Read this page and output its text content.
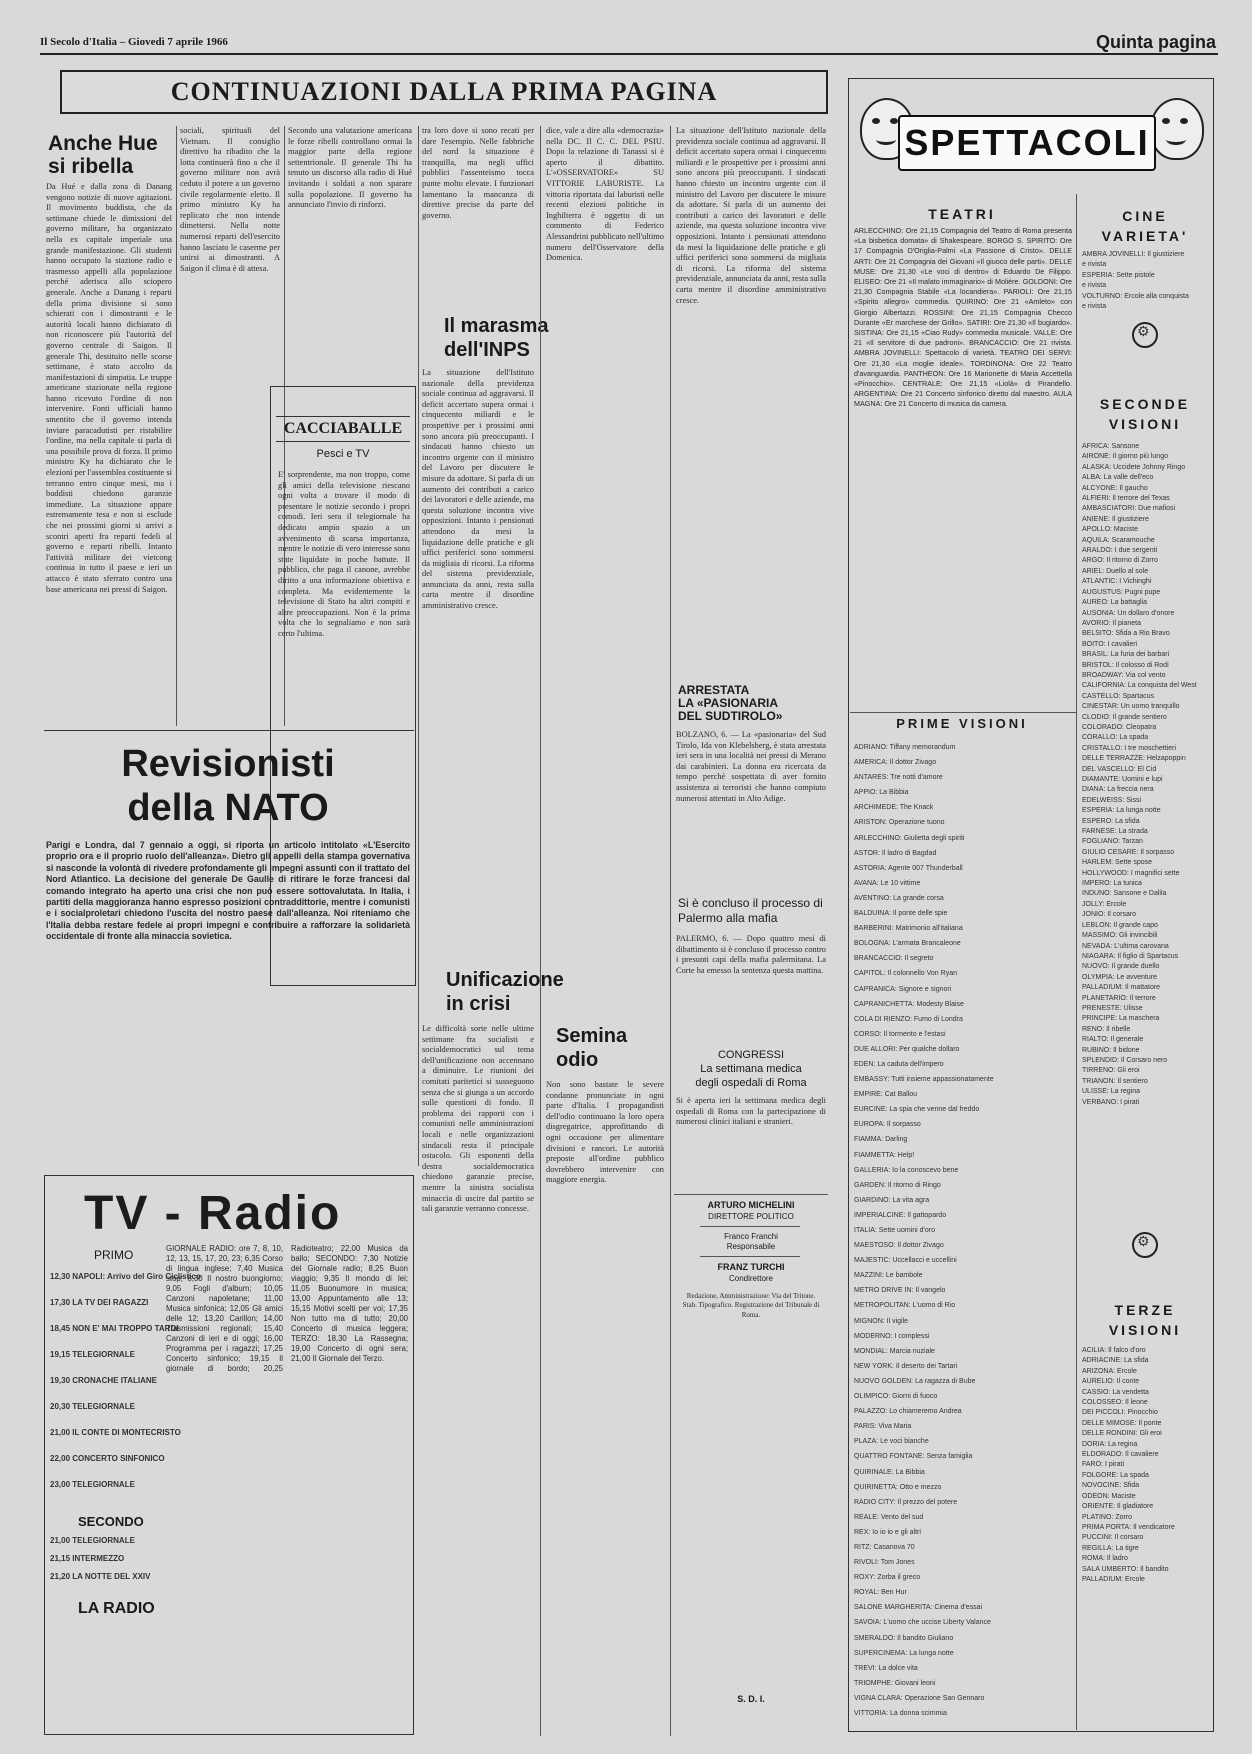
Il Secolo d'Italia – Giovedì 7 aprile 1966	Quinta pagina
CONTINUAZIONI DALLA PRIMA PAGINA
Anche Hue
si ribella
Da Hué e dalla zona di Danang vengono notizie di nuove agitazioni. Il movimento buddista, che da settimane chiede le dimissioni del governo militare, ha organizzato nella ex capitale imperiale una grande manifestazione. Gli studenti hanno occupato la stazione radio e trasmesso appelli alla popolazione perché aderisca allo sciopero generale. Anche a Danang i reparti della prima divisione si sono schierati con i dimostranti e le autorità locali hanno dichiarato di non riconoscere più l'autorità del governo centrale di Saigon. Il generale Thi, destituito nelle scorse settimane, è stato accolto da manifestazioni di simpatia. Le truppe americane stazionate nella regione hanno ricevuto l'ordine di non intervenire. Fonti ufficiali hanno smentito che il governo intenda inviare paracadutisti per ristabilire l'ordine, ma nella capitale si parla di una possibile prova di forza. Il primo ministro Ky ha dichiarato che le elezioni per l'assemblea costituente si terranno entro cinque mesi, ma i buddisti chiedono garanzie immediate. La situazione appare estremamente tesa e non si esclude che nei prossimi giorni si arrivi a scontri aperti fra reparti fedeli al governo e reparti ribelli. Intanto l'attività militare dei vietcong continua in tutto il paese e ieri un attacco è stato sferrato contro una base americana nei pressi di Saigon.
sociali, spirituali del Vietnam. Il consiglio direttivo ha ribadito che la lotta continuerà fino a che il governo militare non avrà ceduto il potere a un governo civile regolarmente eletto. Il primo ministro Ky ha replicato che non intende dimettersi. Nella notte numerosi reparti dell'esercito hanno lasciato le caserme per unirsi ai dimostranti. A Saigon il clima è di attesa.
Secondo una valutazione americana le forze ribelli controllano ormai la maggior parte della regione settentrionale. Il generale Thi ha tenuto un discorso alla radio di Hué invitando i soldati a non sparare sulla popolazione. Il governo ha annunciato l'invio di rinforzi.
CACCIABALLE
Pesci e TV
E' sorprendente, ma non troppo, come gli amici della televisione riescano ogni volta a trovare il modo di presentare le notizie secondo i propri comodi. Ieri sera il telegiornale ha dedicato ampio spazio a un avvenimento di scarsa importanza, mentre le notizie di vero interesse sono state liquidate in poche battute. Il pubblico, che paga il canone, avrebbe diritto a una informazione obiettiva e completa. Ma evidentemente la televisione di Stato ha altri compiti e altre preoccupazioni. Non è la prima volta che lo segnaliamo e non sarà certo l'ultima.
tra loro dove si sono recati per dare l'esempio. Nelle fabbriche del nord la situazione è tranquilla, ma negli uffici pubblici l'assenteismo tocca punte molto elevate. I funzionari lamentano la mancanza di direttive precise da parte del governo.
Il marasma
dell'INPS
La situazione dell'Istituto nazionale della previdenza sociale continua ad aggravarsi. Il deficit accertato supera ormai i cinquecento miliardi e le prospettive per i prossimi anni sono ancora più preoccupanti. I sindacati hanno chiesto un incontro urgente con il ministro del Lavoro per discutere le misure da adottare. Si parla di un aumento dei contributi a carico dei lavoratori e delle aziende, ma questa soluzione incontra vive opposizioni. Intanto i pensionati attendono da mesi la liquidazione delle pratiche e gli uffici periferici sono sommersi da migliaia di ricorsi. La riforma del sistema previdenziale, annunciata da anni, resta sulla carta mentre il disordine amministrativo cresce.
Unificazione
in crisi
Le difficoltà sorte nelle ultime settimane fra socialisti e socialdemocratici sul tema dell'unificazione non accennano a diminuire. Le riunioni dei comitati paritetici si susseguono senza che si giunga a un accordo sulle questioni di fondo. Il problema dei rapporti con i comunisti nelle amministrazioni locali e nelle organizzazioni sindacali resta il principale ostacolo. Gli esponenti della destra socialdemocratica chiedono garanzie precise, mentre la sinistra socialista minaccia di uscire dal partito se tali garanzie verranno concesse.
dice, vale a dire alla «democrazia» nella DC. Il C. C. DEL PSIU. Dopo la relazione di Tanassi si è aperto il dibattito. L'«OSSERVATORE» SU VITTORIE LABURISTE. La vittoria riportata dai laburisti nelle recenti elezioni politiche in Inghilterra è oggetto di un commento di Federico Alessandrini pubblicato nell'ultimo numero dell'Osservatore della Domenica.
Semina
odio
Non sono bastate le severe condanne pronunciate in ogni parte d'Italia. I propagandisti dell'odio continuano la loro opera disgregatrice, approfittando di ogni occasione per alimentare divisioni e rancori. Le autorità preposte all'ordine pubblico dovrebbero intervenire con maggiore energia.
La situazione dell'Istituto nazionale della previdenza sociale continua ad aggravarsi. Il deficit accertato supera ormai i cinquecento miliardi e le prospettive per i prossimi anni sono ancora più preoccupanti. I sindacati hanno chiesto un incontro urgente con il ministro del Lavoro per discutere le misure da adottare. Si parla di un aumento dei contributi a carico dei lavoratori e delle aziende, ma questa soluzione incontra vive opposizioni. Intanto i pensionati attendono da mesi la liquidazione delle pratiche e gli uffici periferici sono sommersi da migliaia di ricorsi. La riforma del sistema previdenziale, annunciata da anni, resta sulla carta mentre il disordine amministrativo cresce.
ARRESTATA
LA «PASIONARIA
DEL SUDTIROLO»
BOLZANO, 6. — La «pasionaria» del Sud Tirolo, Ida von Klebelsberg, è stata arrestata ieri sera in una località nei pressi di Merano dai carabinieri. La donna era ricercata da tempo perché sospettata di aver fornito assistenza ai terroristi che hanno compiuto numerosi attentati in Alto Adige.
Si è concluso il processo di Palermo alla mafia
PALERMO, 6. — Dopo quattro mesi di dibattimento si è concluso il processo contro i presunti capi della mafia palermitana. La Corte ha emesso la sentenza questa mattina.
CONGRESSI
La settimana medica
degli ospedali di Roma
Si è aperta ieri la settimana medica degli ospedali di Roma con la partecipazione di numerosi clinici italiani e stranieri.
ARTURO MICHELINI
DIRETTORE POLITICO
Franco Franchi
Responsabile
FRANZ TURCHI
Condirettore
Redazione, Amministrazione: Via del Tritone. Stab. Tipografico. Registrazione del Tribunale di Roma.
S. D. I.
Revisionisti
della NATO
Parigi e Londra, dal 7 gennaio a oggi, si riporta un articolo intitolato «L'Esercito proprio ora e il proprio ruolo dell'alleanza». Dietro gli appelli della stampa governativa si nasconde la volontà di rivedere profondamente gli impegni assunti con il trattato del Nord Atlantico. La decisione del generale De Gaulle di ritirare le forze francesi dal comando integrato ha aperto una crisi che non può essere sottovalutata. In Italia, i partiti della maggioranza hanno espresso posizioni contraddittorie, mentre i comunisti e i socialproletari chiedono l'uscita del nostro paese dall'alleanza. Noi riteniamo che l'Italia debba restare fedele ai propri impegni e contribuire a rafforzare la solidarietà occidentale di fronte alla minaccia sovietica.
TV - Radio
PRIMO
12,30 NAPOLI: Arrivo del Giro Ciclistico
17,30 LA TV DEI RAGAZZI
18,45 NON E' MAI TROPPO TARDI
19,15 TELEGIORNALE
19,30 CRONACHE ITALIANE
20,30 TELEGIORNALE
21,00 IL CONTE DI MONTECRISTO
22,00 CONCERTO SINFONICO
23,00 TELEGIORNALE
SECONDO
21,00 TELEGIORNALE
21,15 INTERMEZZO
21,20 LA NOTTE DEL XXIV
LA RADIO
GIORNALE RADIO: ore 7, 8, 10, 12, 13, 15, 17, 20, 23; 6,35 Corso di lingua inglese; 7,40 Musica stop; 8,30 Il nostro buongiorno; 9,05 Fogli d'album; 10,05 Canzoni napoletane; 11,00 Musica sinfonica; 12,05 Gli amici delle 12; 13,20 Carillon; 14,00 Trasmissioni regionali; 15,40 Canzoni di ieri e di oggi; 16,00 Programma per i ragazzi; 17,25 Concerto sinfonico; 19,15 Il giornale di bordo; 20,25 Radioteatro; 22,00 Musica da ballo; SECONDO: 7,30 Notizie del Giornale radio; 8,25 Buon viaggio; 9,35 Il mondo di lei; 11,05 Buonumore in musica; 13,00 Appuntamento alle 13; 15,15 Motivi scelti per voi; 17,35 Non tutto ma di tutto; 20,00 Concerto di musica leggera; TERZO: 18,30 La Rassegna; 19,00 Concerto di ogni sera; 21,00 Il Giornale del Terzo.
SPETTACOLI
TEATRI
ARLECCHINO: Ore 21,15 Compagnia del Teatro di Roma presenta «La bisbetica domata» di Shakespeare. BORGO S. SPIRITO: Ore 17 Compagnia D'Origlia-Palmi «La Passione di Cristo». DELLE ARTI: Ore 21 Compagnia dei Giovani «Il giuoco delle parti». DELLE MUSE: Ore 21,30 «Le voci di dentro» di Eduardo De Filippo. ELISEO: Ore 21 «Il malato immaginario» di Molière. GOLDONI: Ore 21,30 Compagnia Stabile «La locandiera». PARIOLI: Ore 21,15 «Spirito allegro» commedia. QUIRINO: Ore 21 «Amleto» con Giorgio Albertazzi. ROSSINI: Ore 21,15 Compagnia Checco Durante «Er marchese der Grillo». SATIRI: Ore 21,30 «Il bugiardo». SISTINA: Ore 21,15 «Ciao Rudy» commedia musicale. VALLE: Ore 21 «Il servitore di due padroni». BRANCACCIO: Ore 21 rivista. AMBRA JOVINELLI: Spettacolo di varietà. TEATRO DEI SERVI: Ore 21,30 «La moglie ideale». TORDINONA: Ore 22 Teatro d'avanguardia. PANTHEON: Ore 16 Marionette di Maria Accettella «Pinocchio». CENTRALE: Ore 21,15 «Liolà» di Pirandello. ARGENTINA: Ore 21 Concerto sinfonico diretto dal maestro. AULA MAGNA: Ore 21 Concerto di musica da camera.
CINE
VARIETA'
AMBRA JOVINELLI: Il giustiziere
e rivista
ESPERIA: Sette pistole
e rivista
VOLTURNO: Ercole alla conquista
e rivista
⚙
SECONDE
VISIONI
AFRICA: Sansone
AIRONE: Il giorno più lungo
ALASKA: Uccidete Johnny Ringo
ALBA: La valle dell'eco
ALCYONE: Il gaucho
ALFIERI: Il terrore del Texas
AMBASCIATORI: Due mafiosi
ANIENE: Il giustiziere
APOLLO: Maciste
AQUILA: Scaramouche
ARALDO: I due sergenti
ARGO: Il ritorno di Zorro
ARIEL: Duello al sole
ATLANTIC: I Vichinghi
AUGUSTUS: Pugni pupe
AUREO: La battaglia
AUSONIA: Un dollaro d'onore
AVORIO: Il pianeta
BELSITO: Sfida a Rio Bravo
BOITO: I cavalieri
BRASIL: La furia dei barbari
BRISTOL: Il colosso di Rodi
BROADWAY: Via col vento
CALIFORNIA: La conquista del West
CASTELLO: Spartacus
CINESTAR: Un uomo tranquillo
CLODIO: Il grande sentiero
COLORADO: Cleopatra
CORALLO: La spada
CRISTALLO: I tre moschettieri
DELLE TERRAZZE: Helzapoppin
DEL VASCELLO: El Cid
DIAMANTE: Uomini e lupi
DIANA: La freccia nera
EDELWEISS: Sissi
ESPERIA: La lunga notte
ESPERO: La sfida
FARNESE: La strada
FOGLIANO: Tarzan
GIULIO CESARE: Il sorpasso
HARLEM: Sette spose
HOLLYWOOD: I magnifici sette
IMPERO: La tunica
INDUNO: Sansone e Dalila
JOLLY: Ercole
JONIO: Il corsaro
LEBLON: Il grande capo
MASSIMO: Gli invincibili
NEVADA: L'ultima carovana
NIAGARA: Il figlio di Spartacus
NUOVO: Il grande duello
OLYMPIA: Le avventure
PALLADIUM: Il mattatore
PLANETARIO: Il terrore
PRENESTE: Ulisse
PRINCIPE: La maschera
RENO: Il ribelle
RIALTO: Il generale
RUBINO: Il bidone
SPLENDID: Il Corsaro nero
TIRRENO: Gli eroi
TRIANON: Il sentiero
ULISSE: La regina
VERBANO: I pirati
⚙
TERZE
VISIONI
ACILIA: Il falco d'oro
ADRIACINE: La sfida
ARIZONA: Ercole
AURELIO: Il conte
CASSIO: La vendetta
COLOSSEO: Il leone
DEI PICCOLI: Pinocchio
DELLE MIMOSE: Il ponte
DELLE RONDINI: Gli eroi
DORIA: La regina
ELDORADO: Il cavaliere
FARO: I pirati
FOLGORE: La spada
NOVOCINE: Sfida
ODEON: Maciste
ORIENTE: Il gladiatore
PLATINO: Zorro
PRIMA PORTA: Il vendicatore
PUCCINI: Il corsaro
REGILLA: La tigre
ROMA: Il ladro
SALA UMBERTO: Il bandito
PALLADIUM: Ercole
PRIME VISIONI
ADRIANO: Tiffany memorandum
AMERICA: Il dottor Zivago
ANTARES: Tre notti d'amore
APPIO: La Bibbia
ARCHIMEDE: The Knack
ARISTON: Operazione tuono
ARLECCHINO: Giulietta degli spiriti
ASTOR: Il ladro di Bagdad
ASTORIA: Agente 007 Thunderball
AVANA: Le 10 vittime
AVENTINO: La grande corsa
BALDUINA: Il ponte delle spie
BARBERINI: Matrimonio all'italiana
BOLOGNA: L'armata Brancaleone
BRANCACCIO: Il segreto
CAPITOL: Il colonnello Von Ryan
CAPRANICA: Signore e signori
CAPRANICHETTA: Modesty Blaise
COLA DI RIENZO: Fumo di Londra
CORSO: Il tormento e l'estasi
DUE ALLORI: Per qualche dollaro
EDEN: La caduta dell'impero
EMBASSY: Tutti insieme appassionatamente
EMPIRE: Cat Ballou
EURCINE: La spia che venne dal freddo
EUROPA: Il sorpasso
FIAMMA: Darling
FIAMMETTA: Help!
GALLERIA: Io la conoscevo bene
GARDEN: Il ritorno di Ringo
GIARDINO: La vita agra
IMPERIALCINE: Il gattopardo
ITALIA: Sette uomini d'oro
MAESTOSO: Il dottor Zivago
MAJESTIC: Uccellacci e uccellini
MAZZINI: Le bambole
METRO DRIVE IN: Il vangelo
METROPOLITAN: L'uomo di Rio
MIGNON: Il vigile
MODERNO: I complessi
MONDIAL: Marcia nuziale
NEW YORK: Il deserto dei Tartari
NUOVO GOLDEN: La ragazza di Bube
OLIMPICO: Giorni di fuoco
PALAZZO: Lo chiameremo Andrea
PARIS: Viva Maria
PLAZA: Le voci bianche
QUATTRO FONTANE: Senza famiglia
QUIRINALE: La Bibbia
QUIRINETTA: Otto e mezzo
RADIO CITY: Il prezzo del potere
REALE: Vento del sud
REX: Io io io e gli altri
RITZ: Casanova 70
RIVOLI: Tom Jones
ROXY: Zorba il greco
ROYAL: Ben Hur
SALONE MARGHERITA: Cinema d'essai
SAVOIA: L'uomo che uccise Liberty Valance
SMERALDO: Il bandito Giuliano
SUPERCINEMA: La lunga notte
TREVI: La dolce vita
TRIOMPHE: Giovani leoni
VIGNA CLARA: Operazione San Gennaro
VITTORIA: La donna scimmia
